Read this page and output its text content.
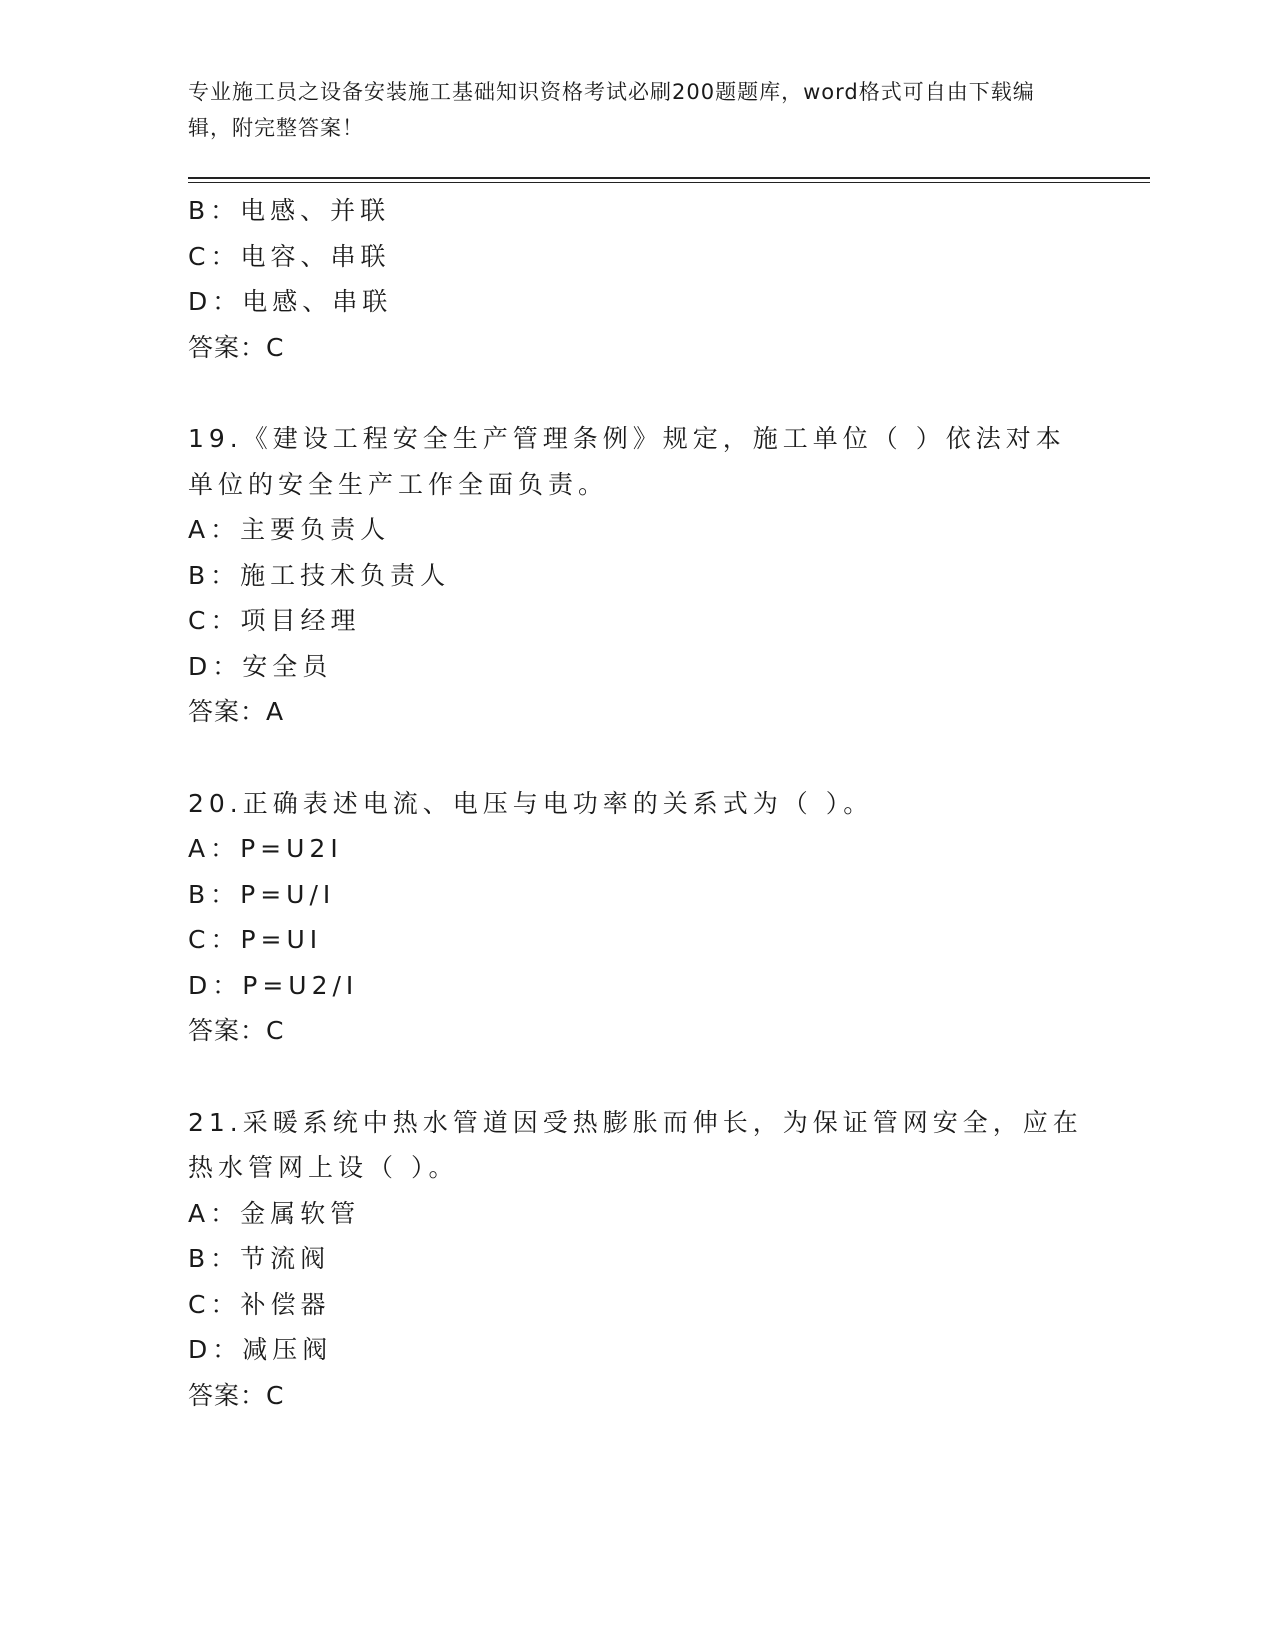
专业施工员之设备安装施工基础知识资格考试必刷200题题库，word格式可自由下载编辑，附完整答案！
B：电感、并联
C：电容、串联
D：电感、串联
答案：C
19.《建设工程安全生产管理条例》规定，施工单位（ ）依法对本单位的安全生产工作全面负责。
A：主要负责人
B：施工技术负责人
C：项目经理
D：安全员
答案：A
20.正确表述电流、电压与电功率的关系式为（ ）。
A：P=U2I
B：P=U/I
C：P=UI
D：P=U2/I
答案：C
21.采暖系统中热水管道因受热膨胀而伸长，为保证管网安全，应在热水管网上设（ ）。
A：金属软管
B：节流阀
C：补偿器
D：减压阀
答案：C
